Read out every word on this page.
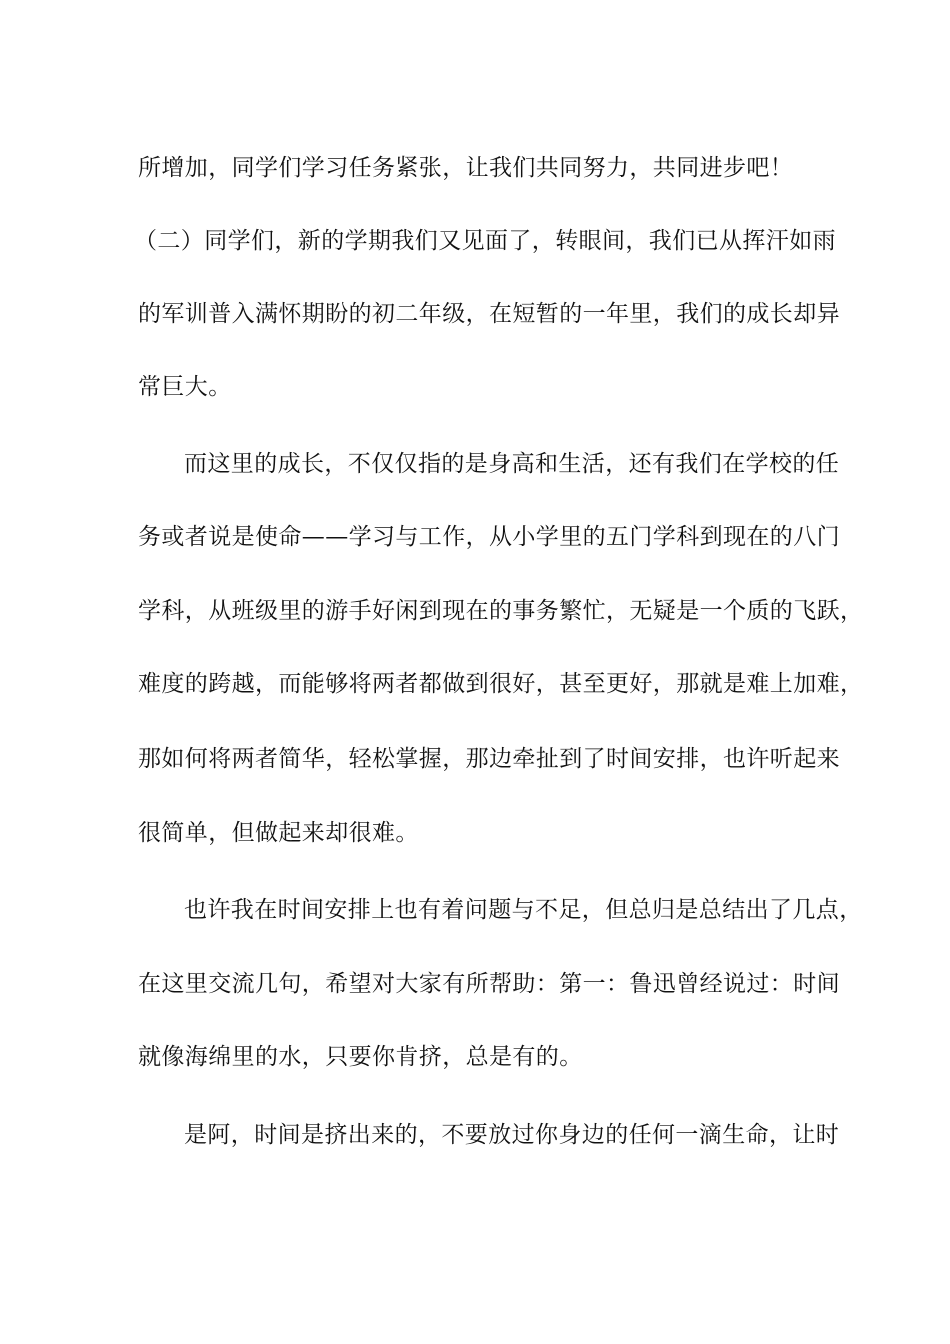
所增加，同学们学习任务紧张，让我们共同努力，共同进步吧！
（二）同学们，新的学期我们又见面了，转眼间，我们已从挥汗如雨
的军训普入满怀期盼的初二年级，在短暂的一年里，我们的成长却异
常巨大。
而这里的成长，不仅仅指的是身高和生活，还有我们在学校的任
务或者说是使命——学习与工作，从小学里的五门学科到现在的八门
学科，从班级里的游手好闲到现在的事务繁忙，无疑是一个质的飞跃，
难度的跨越，而能够将两者都做到很好，甚至更好，那就是难上加难，
那如何将两者简华，轻松掌握，那边牵扯到了时间安排，也许听起来
很简单，但做起来却很难。
也许我在时间安排上也有着问题与不足，但总归是总结出了几点，
在这里交流几句，希望对大家有所帮助：第一：鲁迅曾经说过：时间
就像海绵里的水，只要你肯挤，总是有的。
是阿，时间是挤出来的，不要放过你身边的任何一滴生命，让时
